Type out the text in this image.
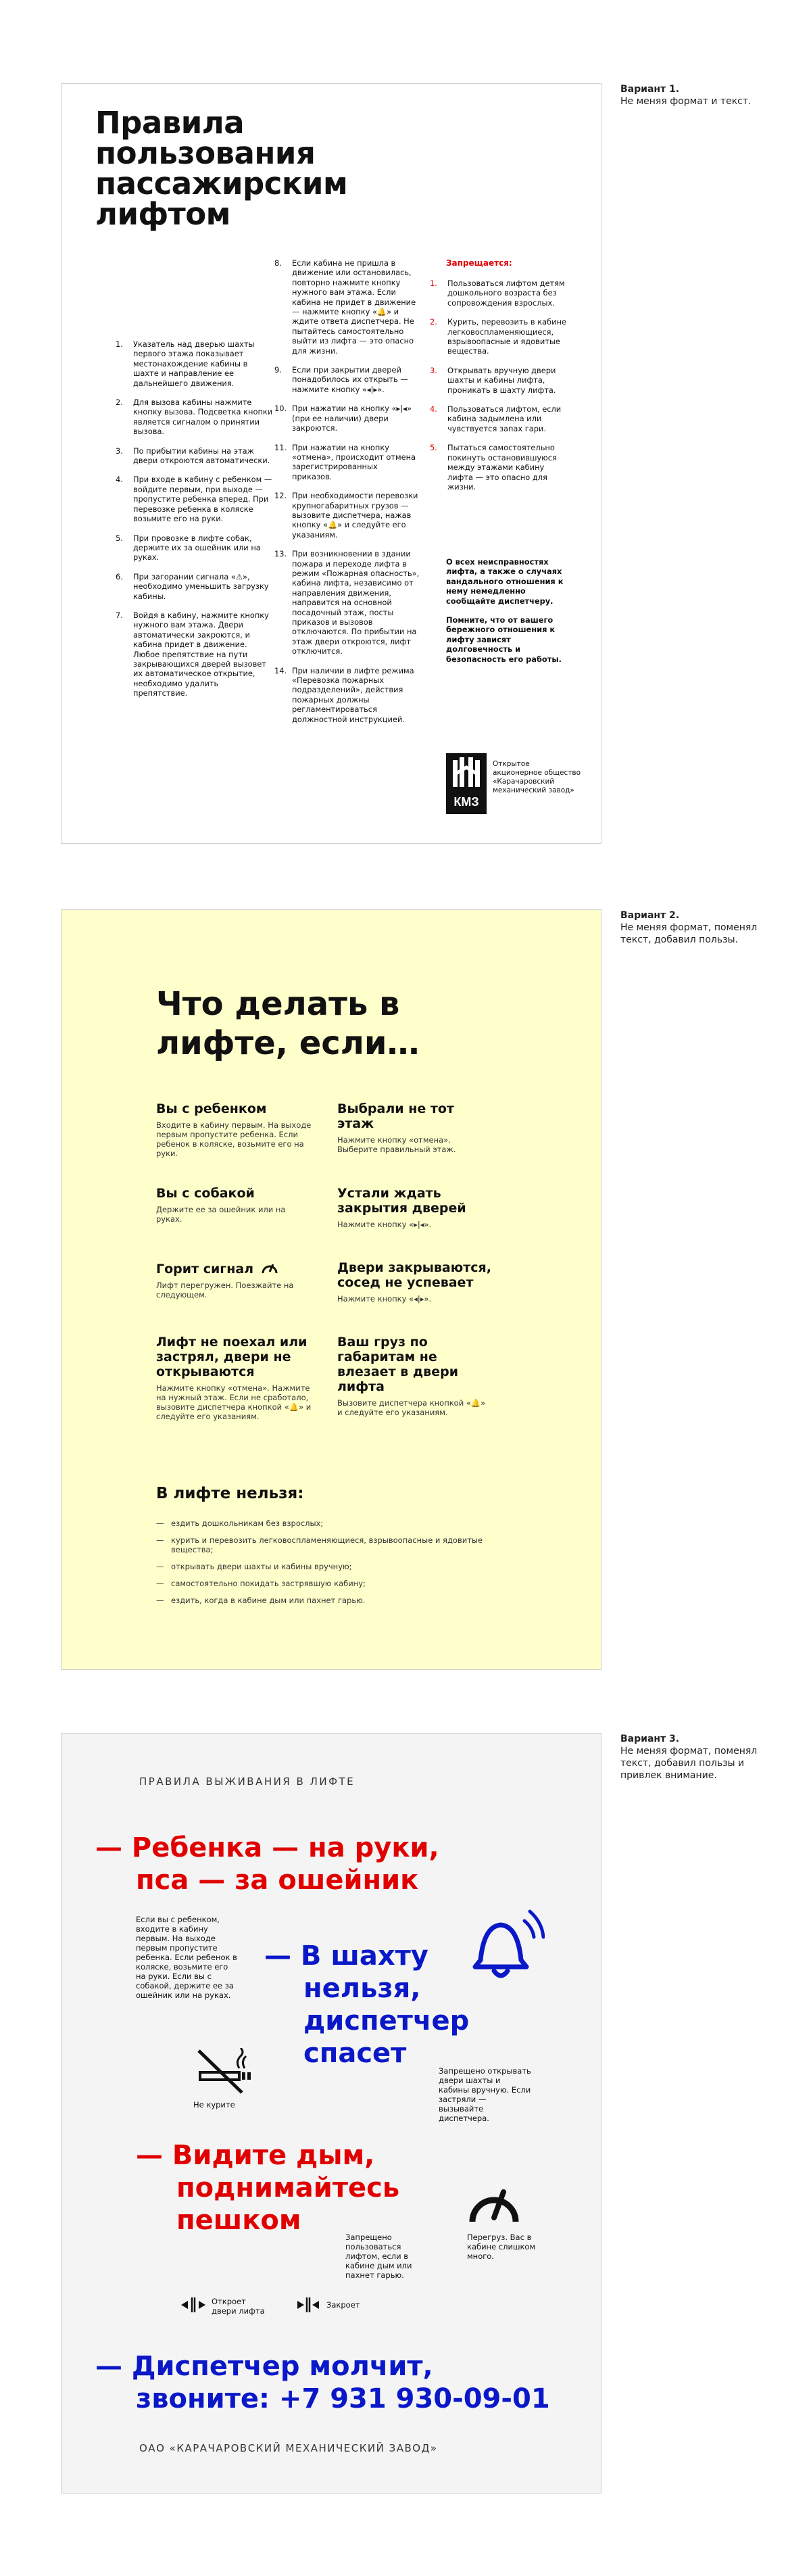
Правила пользования пассажирским лифтом
1.	Указатель над дверью шахты первого этажа показывает местонахождение кабины в шахте и направление ее дальнейшего движения.
2.	Для вызова кабины нажмите кнопку вызова. Подсветка кнопки является сигналом о принятии вызова.
3.	По прибытии кабины на этаж двери откроются автоматически.
4.	При входе в кабину с ребенком — войдите первым, при выходе — пропустите ребенка вперед. При перевозке ребенка в коляске возьмите его на руки.
5.	При провозке в лифте собак, держите их за ошейник или на руках.
6.	При загорании сигнала «⚠», необходимо уменьшить загрузку кабины.
7.	Войдя в кабину, нажмите кнопку нужного вам этажа. Двери автоматически закроются, и кабина придет в движение. Любое препятствие на пути закрывающихся дверей вызовет их автоматическое открытие, необходимо удалить препятствие.
8.	Если кабина не пришла в движение или остановилась, повторно нажмите кнопку нужного вам этажа. Если кабина не придет в движение — нажмите кнопку «🔔» и ждите ответа диспетчера. Не пытайтесь самостоятельно выйти из лифта — это опасно для жизни.
9.	Если при закрытии дверей понадобилось их открыть — нажмите кнопку «◂|▸».
10. При нажатии на кнопку «▸|◂» (при ее наличии) двери закроются.
11. При нажатии на кнопку «отмена», происходит отмена зарегистрированных приказов.
12. При необходимости перевозки крупногабаритных грузов — вызовите диспетчера, нажав кнопку «🔔» и следуйте его указаниям.
13. При возникновении в здании пожара и переходе лифта в режим «Пожарная опасность», кабина лифта, независимо от направления движения, направится на основной посадочный этаж, посты приказов и вызовов отключаются. По прибытии на этаж двери откроются, лифт отключится.
14. При наличии в лифте режима «Перевозка пожарных подразделений», действия пожарных должны регламентироваться должностной инструкцией.
Запрещается:
1.	Пользоваться лифтом детям дошкольного возраста без сопровождения взрослых.
2.	Курить, перевозить в кабине легковоспламеняющиеся, взрывоопасные и ядовитые вещества.
3.	Открывать вручную двери шахты и кабины лифта, проникать в шахту лифта.
4.	Пользоваться лифтом, если кабина задымлена или чувствуется запах гари.
5.	Пытаться самостоятельно покинуть остановившуюся между этажами кабину лифта — это опасно для жизни.

О всех неисправностях лифта, а также о случаях вандального отношения к нему немедленно сообщайте диспетчеру.

Помните, что от вашего бережного отношения к лифту зависят долговечность и безопасность его работы.

КМЗ
Открытое акционерное общество «Карачаровский механический завод»
Вариант 1.
Не меняя формат и текст.
Что делать в лифте, если…
Вы с ребенком
Входите в кабину первым. На выходе первым пропустите ребенка. Если ребенок в коляске, возьмите его на руки.
Выбрали не тот этаж
Нажмите кнопку «отмена». Выберите правильный этаж.
Вы с собакой
Держите ее за ошейник или на руках.
Устали ждать закрытия дверей
Нажмите кнопку «▸|◂».
Горит сигнал
Лифт перегружен. Поезжайте на следующем.
Двери закрываются, сосед не успевает
Нажмите кнопку «◂|▸».
Лифт не поехал или застрял, двери не открываются
Нажмите кнопку «отмена». Нажмите на нужный этаж. Если не сработало, вызовите диспетчера кнопкой «🔔» и следуйте его указаниям.
Ваш груз по габаритам не влезает в двери лифта
Вызовите диспетчера кнопкой «🔔» и следуйте его указаниям.
В лифте нельзя:
— ездить дошкольникам без взрослых;
— курить и перевозить легковоспламеняющиеся, взрывоопасные и ядовитые вещества;
— открывать двери шахты и кабины вручную;
— самостоятельно покидать застрявшую кабину;
— ездить, когда в кабине дым или пахнет гарью.
Вариант 2.
Не меняя формат, поменял текст, добавил пользы.
ПРАВИЛА ВЫЖИВАНИЯ В ЛИФТЕ
— Ребенка — на руки,
пса — за ошейник
Если вы с ребенком, входите в кабину первым. На выходе первым пропустите ребенка. Если ребенок в коляске, возьмите его на руки. Если вы с собакой, держите ее за ошейник или на руках.
— В шахту
нельзя,
диспетчер
спасет
Не курите
Запрещено открывать двери шахты и кабины вручную. Если застряли — вызывайте диспетчера.
— Видите дым,
поднимайтесь
пешком
Запрещено пользоваться лифтом, если в кабине дым или пахнет гарью.
Перегруз. Вас в кабине слишком много.
Откроет двери лифта
Закроет
— Диспетчер молчит,
звоните: +7 931 930-09-01
ОАО «КАРАЧАРОВСКИЙ МЕХАНИЧЕСКИЙ ЗАВОД»
Вариант 3.
Не меняя формат, поменял текст, добавил пользы и привлек внимание.
